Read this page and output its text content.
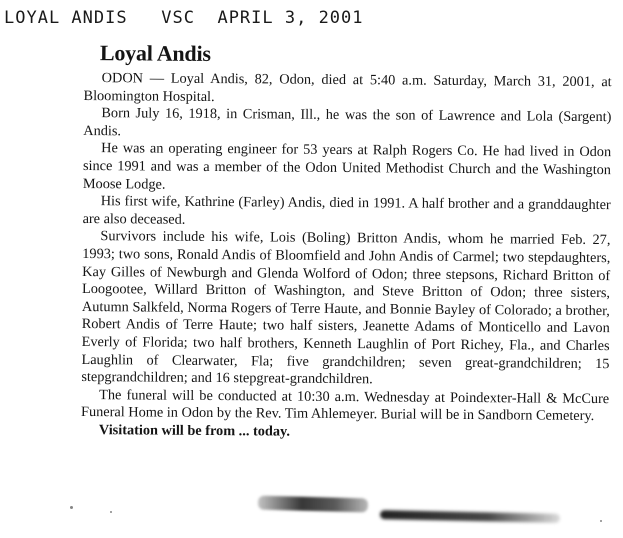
LOYAL ANDIS   VSC  APRIL 3, 2001
Loyal Andis

ODON — Loyal Andis, 82, Odon, died at 5:40 a.m. Saturday, March 31, 2001, at Bloomington Hospital.

Born July 16, 1918, in Crisman, Ill., he was the son of Lawrence and Lola (Sargent) Andis.

He was an operating engineer for 53 years at Ralph Rogers Co. He had lived in Odon since 1991 and was a member of the Odon United Methodist Church and the Washington Moose Lodge.

His first wife, Kathrine (Farley) Andis, died in 1991. A half brother and a granddaughter are also deceased.

Survivors include his wife, Lois (Boling) Britton Andis, whom he married Feb. 27, 1993; two sons, Ronald Andis of Bloomfield and John Andis of Carmel; two stepdaughters, Kay Gilles of Newburgh and Glenda Wolford of Odon; three stepsons, Richard Britton of Loogootee, Willard Britton of Washington, and Steve Britton of Odon; three sisters, Autumn Salkfeld, Norma Rogers of Terre Haute, and Bonnie Bayley of Colorado; a brother, Robert Andis of Terre Haute; two half sisters, Jeanette Adams of Monticello and Lavon Everly of Florida; two half brothers, Kenneth Laughlin of Port Richey, Fla., and Charles Laughlin of Clearwater, Fla; five grandchildren; seven great-grandchildren; 15 stepgrandchildren; and 16 stepgreat-grandchildren.

The funeral will be conducted at 10:30 a.m. Wednesday at Poindexter-Hall & McCure Funeral Home in Odon by the Rev. Tim Ahlemeyer. Burial will be in Sandborn Cemetery.

Visitation will be from ... today.
